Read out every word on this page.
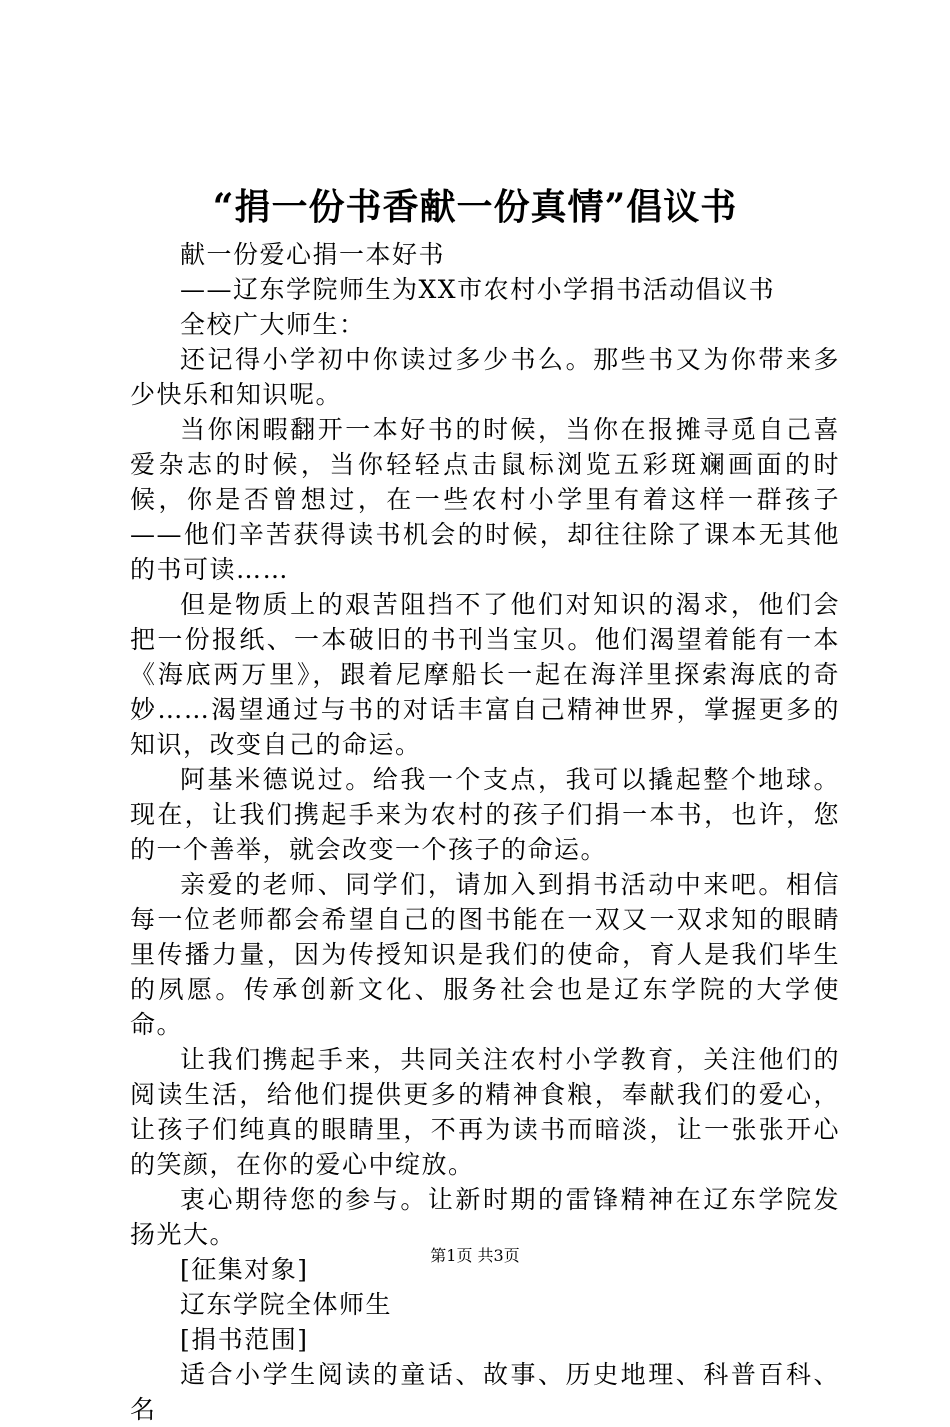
“捐一份书香献一份真情”倡议书

献一份爱心捐一本好书

——辽东学院师生为XX市农村小学捐书活动倡议书

全校广大师生：

还记得小学初中你读过多少书么。那些书又为你带来多少快乐和知识呢。

当你闲暇翻开一本好书的时候，当你在报摊寻觅自己喜爱杂志的时候，当你轻轻点击鼠标浏览五彩斑斓画面的时候，你是否曾想过，在一些农村小学里有着这样一群孩子——他们辛苦获得读书机会的时候，却往往除了课本无其他的书可读……

但是物质上的艰苦阻挡不了他们对知识的渴求，他们会把一份报纸、一本破旧的书刊当宝贝。他们渴望着能有一本《海底两万里》，跟着尼摩船长一起在海洋里探索海底的奇妙……渴望通过与书的对话丰富自己精神世界，掌握更多的知识，改变自己的命运。

阿基米德说过。给我一个支点，我可以撬起整个地球。现在，让我们携起手来为农村的孩子们捐一本书，也许，您的一个善举，就会改变一个孩子的命运。

亲爱的老师、同学们，请加入到捐书活动中来吧。相信每一位老师都会希望自己的图书能在一双又一双求知的眼睛里传播力量，因为传授知识是我们的使命，育人是我们毕生的夙愿。传承创新文化、服务社会也是辽东学院的大学使命。

让我们携起手来，共同关注农村小学教育，关注他们的阅读生活，给他们提供更多的精神食粮，奉献我们的爱心，让孩子们纯真的眼睛里，不再为读书而暗淡，让一张张开心的笑颜，在你的爱心中绽放。

衷心期待您的参与。让新时期的雷锋精神在辽东学院发扬光大。

[征集对象]

辽东学院全体师生

[捐书范围]

适合小学生阅读的童话、故事、历史地理、科普百科、名

第1页 共3页
